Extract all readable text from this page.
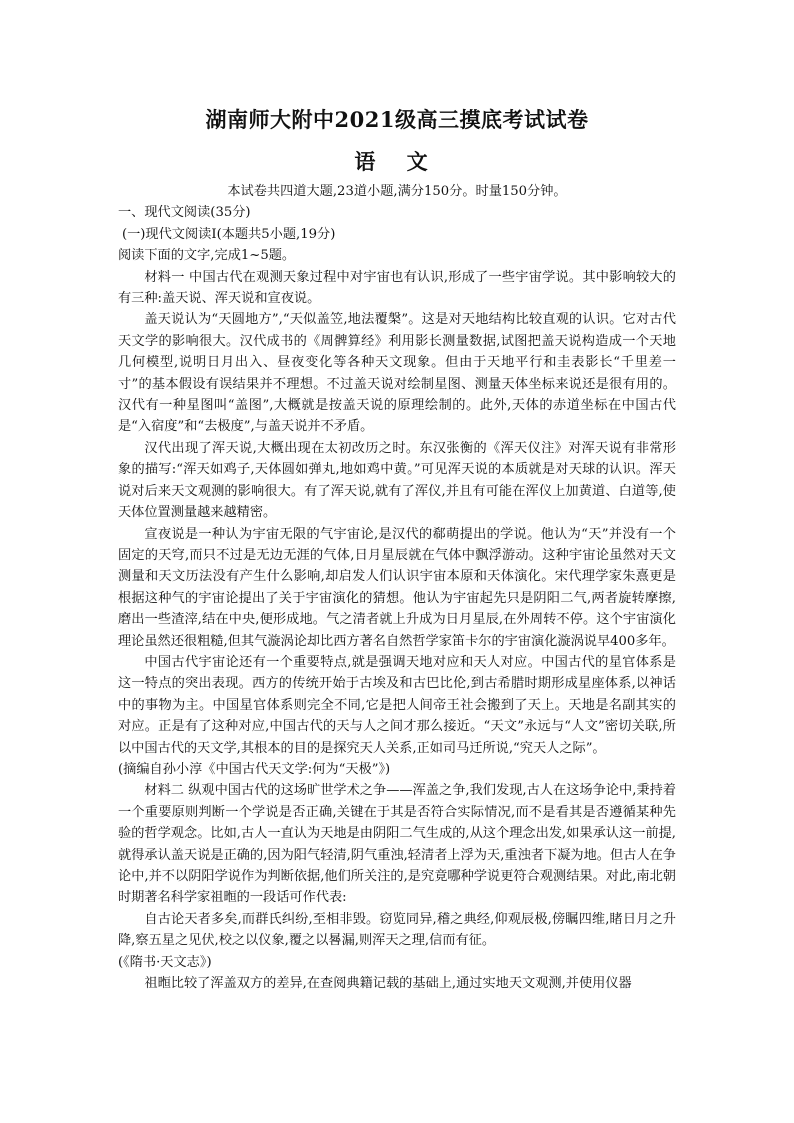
湖南师大附中2021级高三摸底考试试卷
语 文

本试卷共四道大题,23道小题,满分150分。时量150分钟。

一、现代文阅读(35分)

(一)现代文阅读Ⅰ(本题共5小题,19分)

阅读下面的文字,完成1~5题。

材料一 中国古代在观测天象过程中对宇宙也有认识,形成了一些宇宙学说。其中影响较大的有三种:盖天说、浑天说和宣夜说。

盖天说认为“天圆地方”,“天似盖笠,地法覆槃”。这是对天地结构比较直观的认识。它对古代天文学的影响很大。汉代成书的《周髀算经》利用影长测量数据,试图把盖天说构造成一个天地几何模型,说明日月出入、昼夜变化等各种天文现象。但由于天地平行和圭表影长“千里差一寸”的基本假设有误结果并不理想。不过盖天说对绘制星图、测量天体坐标来说还是很有用的。汉代有一种星图叫“盖图”,大概就是按盖天说的原理绘制的。此外,天体的赤道坐标在中国古代是“入宿度”和“去极度”,与盖天说并不矛盾。

汉代出现了浑天说,大概出现在太初改历之时。东汉张衡的《浑天仪注》对浑天说有非常形象的描写:“浑天如鸡子,天体圆如弹丸,地如鸡中黄。”可见浑天说的本质就是对天球的认识。浑天说对后来天文观测的影响很大。有了浑天说,就有了浑仪,并且有可能在浑仪上加黄道、白道等,使天体位置测量越来越精密。

宣夜说是一种认为宇宙无限的气宇宙论,是汉代的郗萌提出的学说。他认为“天”并没有一个固定的天穹,而只不过是无边无涯的气体,日月星辰就在气体中飘浮游动。这种宇宙论虽然对天文测量和天文历法没有产生什么影响,却启发人们认识宇宙本原和天体演化。宋代理学家朱熹更是根据这种气的宇宙论提出了关于宇宙演化的猜想。他认为宇宙起先只是阴阳二气,两者旋转摩擦,磨出一些渣滓,结在中央,便形成地。气之清者就上升成为日月星辰,在外周转不停。这个宇宙演化理论虽然还很粗糙,但其气漩涡论却比西方著名自然哲学家笛卡尔的宇宙演化漩涡说早400多年。

中国古代宇宙论还有一个重要特点,就是强调天地对应和天人对应。中国古代的星官体系是这一特点的突出表现。西方的传统开始于古埃及和古巴比伦,到古希腊时期形成星座体系,以神话中的事物为主。中国星官体系则完全不同,它是把人间帝王社会搬到了天上。天地是名副其实的对应。正是有了这种对应,中国古代的天与人之间才那么接近。“天文”永远与“人文”密切关联,所以中国古代的天文学,其根本的目的是探究天人关系,正如司马迁所说,“究天人之际”。

(摘编自孙小淳《中国古代天文学:何为“天极”》)

材料二 纵观中国古代的这场旷世学术之争——浑盖之争,我们发现,古人在这场争论中,秉持着一个重要原则判断一个学说是否正确,关键在于其是否符合实际情况,而不是看其是否遵循某种先验的哲学观念。比如,古人一直认为天地是由阴阳二气生成的,从这个理念出发,如果承认这一前提,就得承认盖天说是正确的,因为阳气轻清,阴气重浊,轻清者上浮为天,重浊者下凝为地。但古人在争论中,并不以阴阳学说作为判断依据,他们所关注的,是究竟哪种学说更符合观测结果。对此,南北朝时期著名科学家祖暅的一段话可作代表:

自古论天者多矣,而群氏纠纷,至相非毁。窃览同异,稽之典经,仰观辰极,傍瞩四维,睹日月之升降,察五星之见伏,校之以仪象,覆之以晷漏,则浑天之理,信而有征。

(《隋书·天文志》)

祖暅比较了浑盖双方的差异,在查阅典籍记载的基础上,通过实地天文观测,并使用仪器
